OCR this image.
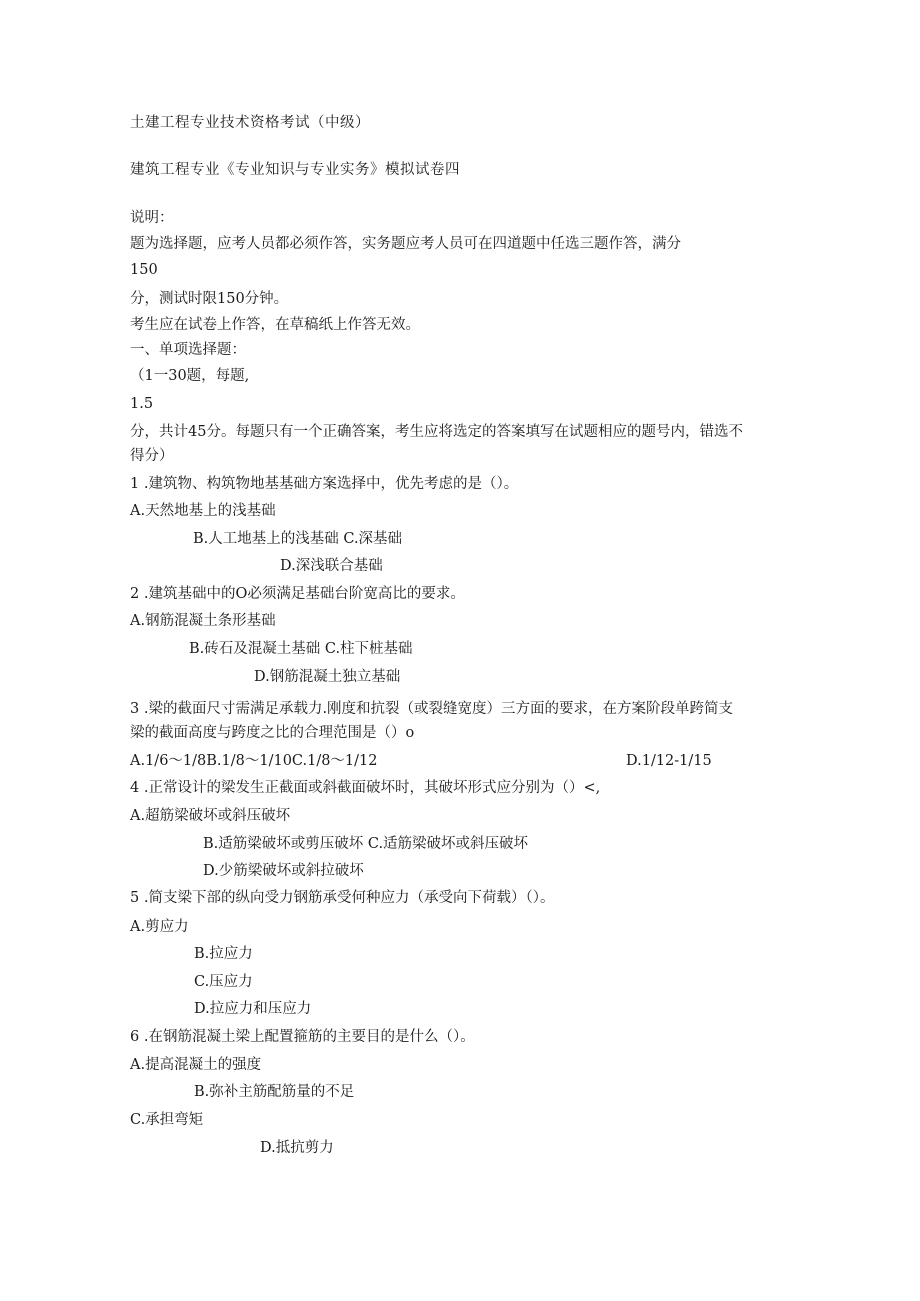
土建工程专业技术资格考试（中级）
建筑工程专业《专业知识与专业实务》模拟试卷四
说明：
题为选择题，应考人员都必须作答，实务题应考人员可在四道题中任选三题作答，满分
150
分，测试时限150分钟。
考生应在试卷上作答，在草稿纸上作答无效。
一、单项选择题：
（1一30题，每题,
1.5
分，共计45分。每题只有一个正确答案，考生应将选定的答案填写在试题相应的题号内，错选不
得分）
1 .建筑物、构筑物地基基础方案选择中，优先考虑的是（）。
A.天然地基上的浅基础
B.人工地基上的浅基础 C.深基础
D.深浅联合基础
2 .建筑基础中的O必须满足基础台阶宽高比的要求。
A.钢筋混凝土条形基础
B.砖石及混凝土基础 C.柱下桩基础
D.钢筋混凝土独立基础
3 .梁的截面尺寸需满足承载力.刚度和抗裂（或裂缝宽度）三方面的要求，在方案阶段单跨简支
梁的截面高度与跨度之比的合理范围是（）o
A.1/6～1/8B.1/8～1/10C.1/8～1/12	D.1/12-1/15
4 .正常设计的梁发生正截面或斜截面破坏时，其破坏形式应分别为（）<,
A.超筋梁破坏或斜压破坏
B.适筋梁破坏或剪压破坏 C.适筋梁破坏或斜压破坏
D.少筋梁破坏或斜拉破坏
5 .简支梁下部的纵向受力钢筋承受何种应力（承受向下荷载）（）。
A.剪应力
B.拉应力
C.压应力
D.拉应力和压应力
6 .在钢筋混凝土梁上配置箍筋的主要目的是什么（）。
A.提高混凝土的强度
B.弥补主筋配筋量的不足
C.承担弯矩
D.抵抗剪力
